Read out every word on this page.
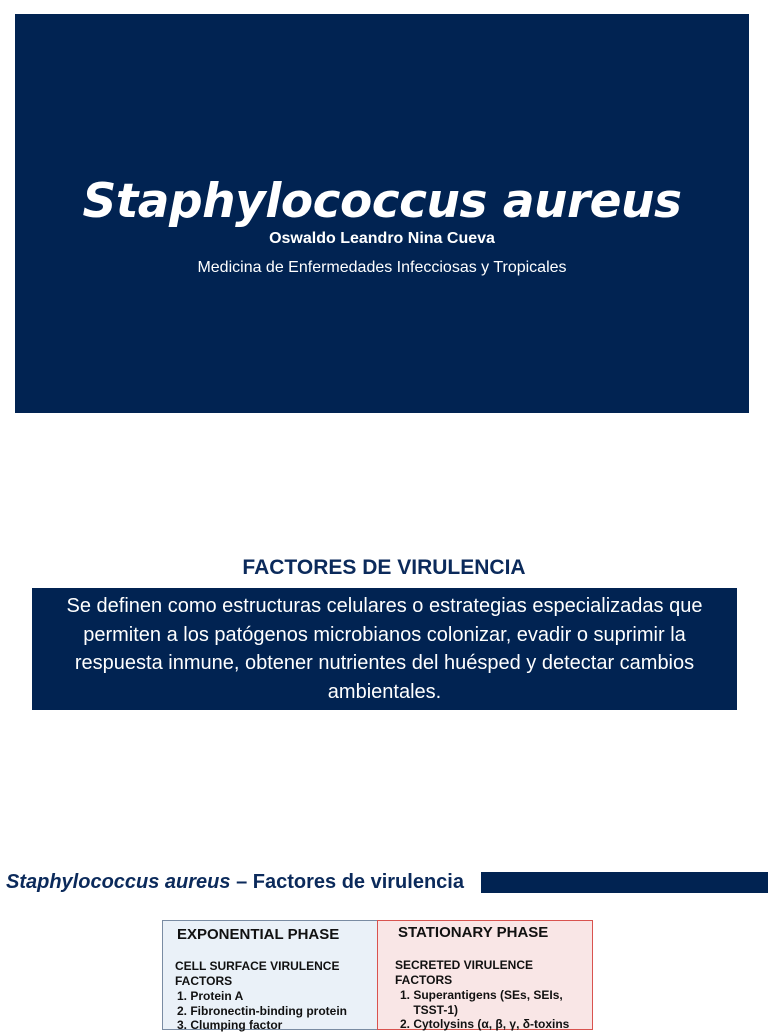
Staphylococcus aureus
Oswaldo Leandro Nina Cueva
Medicina de Enfermedades Infecciosas y Tropicales
FACTORES DE VIRULENCIA
Se definen como estructuras celulares o estrategias especializadas que permiten a los patógenos microbianos colonizar, evadir o suprimir la respuesta inmune, obtener nutrientes del huésped y detectar cambios ambientales.
Staphylococcus aureus – Factores de virulencia
EXPONENTIAL PHASE
CELL SURFACE VIRULENCE
FACTORS
1. Protein A
2. Fibronectin-binding protein
3. Clumping factor
STATIONARY PHASE
SECRETED VIRULENCE
FACTORS
1. Superantigens (SEs, SEIs,
TSST-1)
2. Cytolysins (α, β, γ, δ-toxins
